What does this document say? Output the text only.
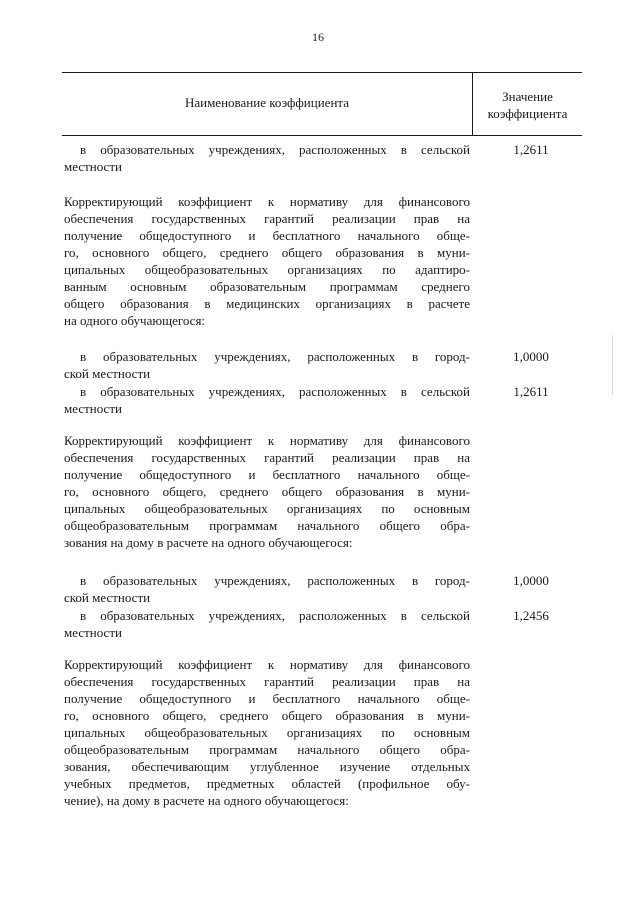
16
Наименование коэффициента	Значение
коэффициента
в образовательных учреждениях, расположенных в сельской
местности
1,2611
Корректирующий коэффициент к нормативу для финансового
обеспечения государственных гарантий реализации прав на
получение общедоступного и бесплатного начального обще-
го, основного общего, среднего общего образования в муни-
ципальных общеобразовательных организациях по адаптиро-
ванным основным образовательным программам среднего
общего образования в медицинских организациях в расчете
на одного обучающегося:
в образовательных учреждениях, расположенных в город-
ской местности
1,0000
в образовательных учреждениях, расположенных в сельской
местности
1,2611
Корректирующий коэффициент к нормативу для финансового
обеспечения государственных гарантий реализации прав на
получение общедоступного и бесплатного начального обще-
го, основного общего, среднего общего образования в муни-
ципальных общеобразовательных организациях по основным
общеобразовательным программам начального общего обра-
зования на дому в расчете на одного обучающегося:
в образовательных учреждениях, расположенных в город-
ской местности
1,0000
в образовательных учреждениях, расположенных в сельской
местности
1,2456
Корректирующий коэффициент к нормативу для финансового
обеспечения государственных гарантий реализации прав на
получение общедоступного и бесплатного начального обще-
го, основного общего, среднего общего образования в муни-
ципальных общеобразовательных организациях по основным
общеобразовательным программам начального общего обра-
зования, обеспечивающим углубленное изучение отдельных
учебных предметов, предметных областей (профильное обу-
чение), на дому в расчете на одного обучающегося:
